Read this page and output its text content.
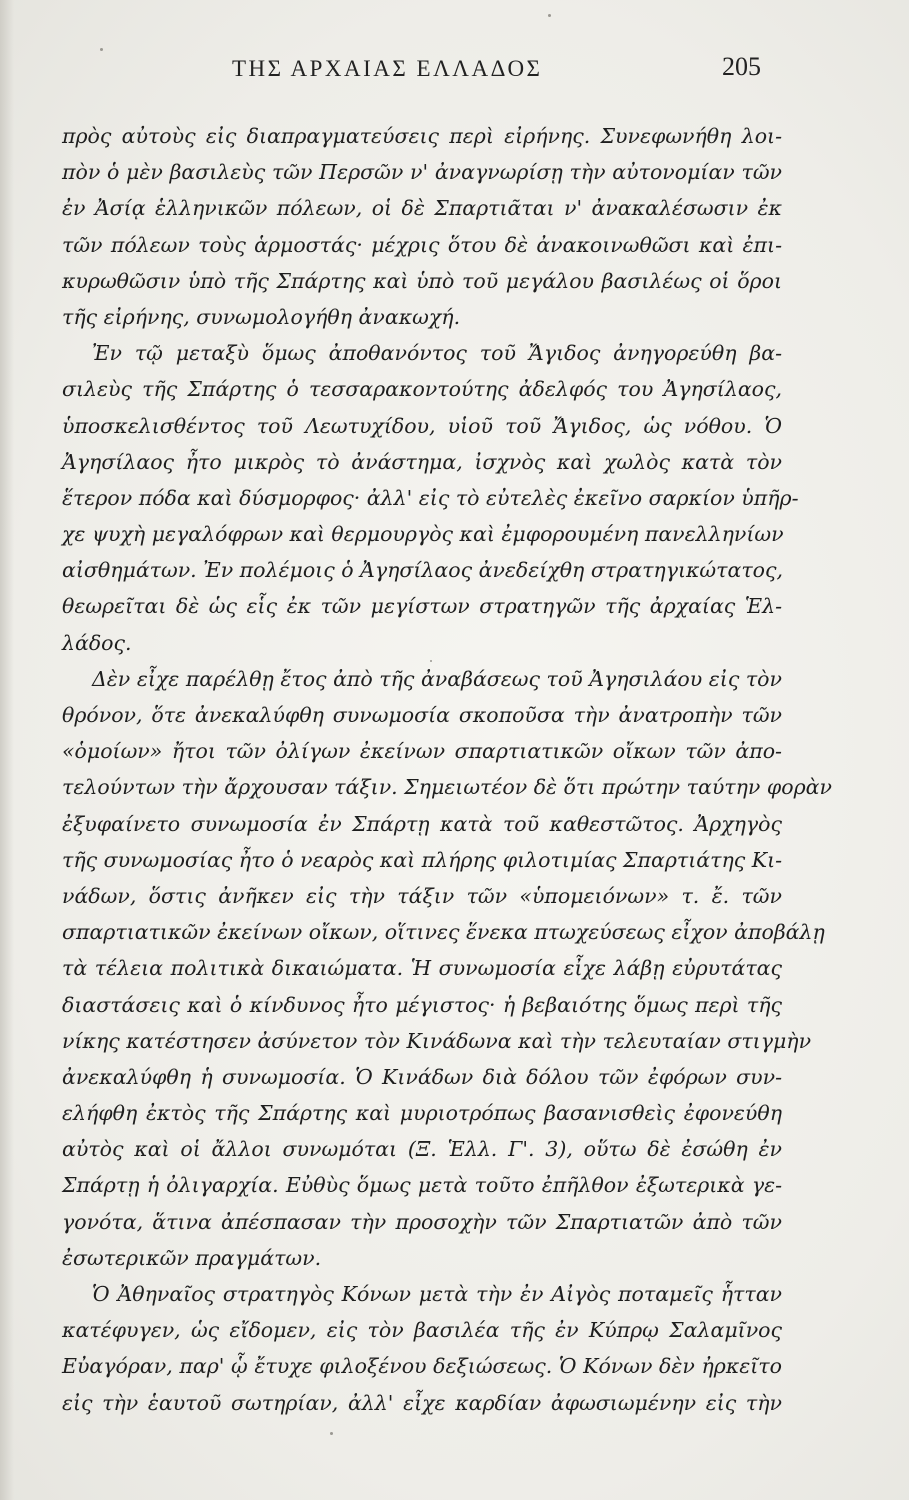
ΤΗΣ ΑΡΧΑΙΑΣ ΕΛΛΑΔΟΣ	205
πρὸς αὐτοὺς εἰς διαπραγματεύσεις περὶ εἰρήνης. Συνεφωνήθη λοι-
πὸν ὁ μὲν βασιλεὺς τῶν Περσῶν ν' ἀναγνωρίσῃ τὴν αὐτονομίαν τῶν
ἐν Ἀσίᾳ ἑλληνικῶν πόλεων, οἱ δὲ Σπαρτιᾶται ν' ἀνακαλέσωσιν ἐκ
τῶν πόλεων τοὺς ἁρμοστάς· μέχρις ὅτου δὲ ἀνακοινωθῶσι καὶ ἐπι-
κυρωθῶσιν ὑπὸ τῆς Σπάρτης καὶ ὑπὸ τοῦ μεγάλου βασιλέως οἱ ὅροι
τῆς εἰρήνης, συνωμολογήθη ἀνακωχή.
Ἐν τῷ μεταξὺ ὅμως ἀποθανόντος τοῦ Ἄγιδος ἀνηγορεύθη βα-
σιλεὺς τῆς Σπάρτης ὁ τεσσαρακοντούτης ἀδελφός του Ἀγησίλαος,
ὑποσκελισθέντος τοῦ Λεωτυχίδου, υἱοῦ τοῦ Ἄγιδος, ὡς νόθου. Ὁ
Ἀγησίλαος ἦτο μικρὸς τὸ ἀνάστημα, ἰσχνὸς καὶ χωλὸς κατὰ τὸν
ἕτερον πόδα καὶ δύσμορφος· ἀλλ' εἰς τὸ εὐτελὲς ἐκεῖνο σαρκίον ὑπῆρ-
χε ψυχὴ μεγαλόφρων καὶ θερμουργὸς καὶ ἐμφορουμένη πανελληνίων
αἰσθημάτων. Ἐν πολέμοις ὁ Ἀγησίλαος ἀνεδείχθη στρατηγικώτατος,
θεωρεῖται δὲ ὡς εἷς ἐκ τῶν μεγίστων στρατηγῶν τῆς ἀρχαίας Ἑλ-
λάδος.
Δὲν εἶχε παρέλθῃ ἔτος ἀπὸ τῆς ἀναβάσεως τοῦ Ἀγησιλάου εἰς τὸν
θρόνον, ὅτε ἀνεκαλύφθη συνωμοσία σκοποῦσα τὴν ἀνατροπὴν τῶν
«ὁμοίων» ἤτοι τῶν ὀλίγων ἐκείνων σπαρτιατικῶν οἴκων τῶν ἀπο-
τελούντων τὴν ἄρχουσαν τάξιν. Σημειωτέον δὲ ὅτι πρώτην ταύτην φορὰν
ἐξυφαίνετο συνωμοσία ἐν Σπάρτῃ κατὰ τοῦ καθεστῶτος. Ἀρχηγὸς
τῆς συνωμοσίας ἦτο ὁ νεαρὸς καὶ πλήρης φιλοτιμίας Σπαρτιάτης Κι-
νάδων, ὅστις ἀνῆκεν εἰς τὴν τάξιν τῶν «ὑπομειόνων» τ. ἔ. τῶν
σπαρτιατικῶν ἐκείνων οἴκων, οἵτινες ἕνεκα πτωχεύσεως εἶχον ἀποβάλῃ
τὰ τέλεια πολιτικὰ δικαιώματα. Ἡ συνωμοσία εἶχε λάβῃ εὐρυτάτας
διαστάσεις καὶ ὁ κίνδυνος ἦτο μέγιστος· ἡ βεβαιότης ὅμως περὶ τῆς
νίκης κατέστησεν ἀσύνετον τὸν Κινάδωνα καὶ τὴν τελευταίαν στιγμὴν
ἀνεκαλύφθη ἡ συνωμοσία. Ὁ Κινάδων διὰ δόλου τῶν ἐφόρων συν-
ελήφθη ἐκτὸς τῆς Σπάρτης καὶ μυριοτρόπως βασανισθεὶς ἐφονεύθη
αὐτὸς καὶ οἱ ἄλλοι συνωμόται (Ξ. Ἑλλ. Γ'. 3), οὕτω δὲ ἐσώθη ἐν
Σπάρτῃ ἡ ὀλιγαρχία. Εὐθὺς ὅμως μετὰ τοῦτο ἐπῆλθον ἐξωτερικὰ γε-
γονότα, ἅτινα ἀπέσπασαν τὴν προσοχὴν τῶν Σπαρτιατῶν ἀπὸ τῶν
ἐσωτερικῶν πραγμάτων.
Ὁ Ἀθηναῖος στρατηγὸς Κόνων μετὰ τὴν ἐν Αἰγὸς ποταμεῖς ἧτταν
κατέφυγεν, ὡς εἴδομεν, εἰς τὸν βασιλέα τῆς ἐν Κύπρῳ Σαλαμῖνος
Εὐαγόραν, παρ' ᾧ ἔτυχε φιλοξένου δεξιώσεως. Ὁ Κόνων δὲν ἠρκεῖτο
εἰς τὴν ἑαυτοῦ σωτηρίαν, ἀλλ' εἶχε καρδίαν ἀφωσιωμένην εἰς τὴν
